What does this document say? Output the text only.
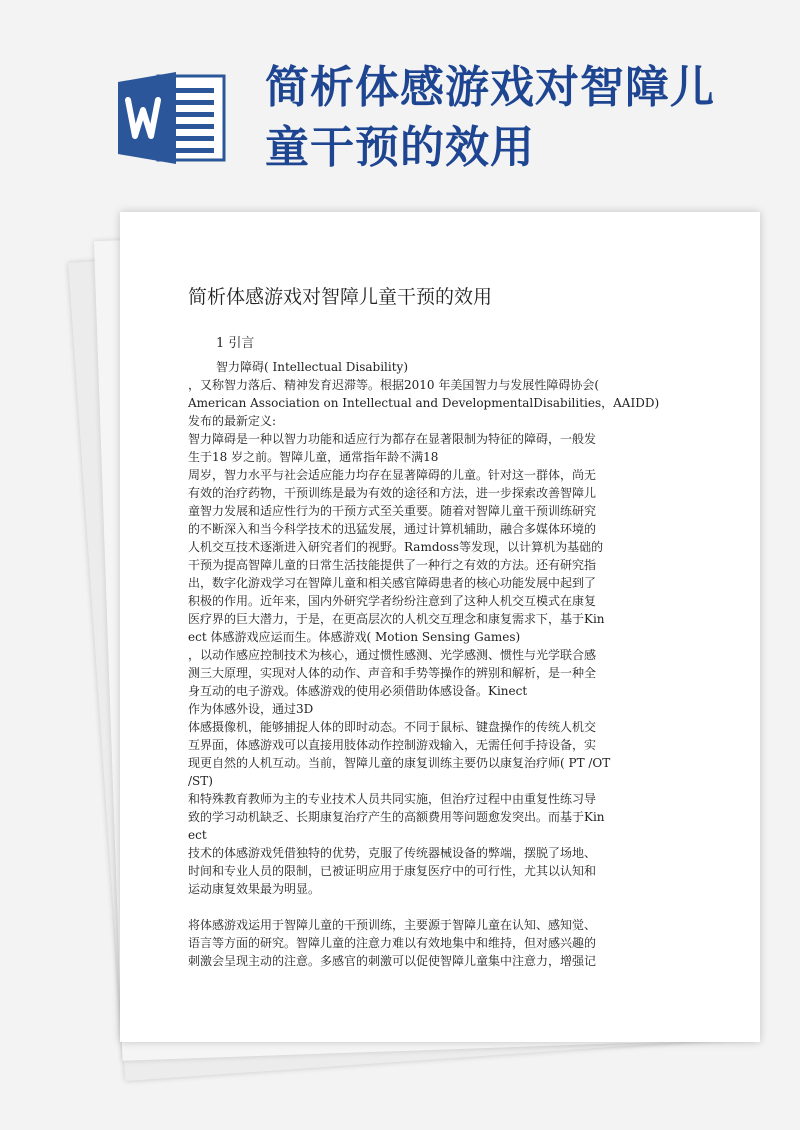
简析体感游戏对智障儿童干预的效用
简析体感游戏对智障儿童干预的效用
1 引言

智力障碍( Intellectual Disability)

，又称智力落后、精神发育迟滞等。根据2010 年美国智力与发展性障碍协会(

American Association on Intellectual and DevelopmentalDisabilities，AAIDD)

发布的最新定义:

智力障碍是一种以智力功能和适应行为都存在显著限制为特征的障碍，一般发

生于18 岁之前。智障儿童，通常指年龄不满18

周岁，智力水平与社会适应能力均存在显著障碍的儿童。针对这一群体，尚无

有效的治疗药物，干预训练是最为有效的途径和方法，进一步探索改善智障儿

童智力发展和适应性行为的干预方式至关重要。随着对智障儿童干预训练研究

的不断深入和当今科学技术的迅猛发展，通过计算机辅助，融合多媒体环境的

人机交互技术逐渐进入研究者们的视野。Ramdoss等发现，以计算机为基础的

干预为提高智障儿童的日常生活技能提供了一种行之有效的方法。还有研究指

出，数字化游戏学习在智障儿童和相关感官障碍患者的核心功能发展中起到了

积极的作用。近年来，国内外研究学者纷纷注意到了这种人机交互模式在康复

医疗界的巨大潜力，于是，在更高层次的人机交互理念和康复需求下，基于Kin

ect 体感游戏应运而生。体感游戏( Motion Sensing Games)

，以动作感应控制技术为核心，通过惯性感测、光学感测、惯性与光学联合感

测三大原理，实现对人体的动作、声音和手势等操作的辨别和解析，是一种全

身互动的电子游戏。体感游戏的使用必须借助体感设备。Kinect

作为体感外设，通过3D

体感摄像机，能够捕捉人体的即时动态。不同于鼠标、键盘操作的传统人机交

互界面，体感游戏可以直接用肢体动作控制游戏输入，无需任何手持设备，实

现更自然的人机互动。当前，智障儿童的康复训练主要仍以康复治疗师( PT /OT

/ST)

和特殊教育教师为主的专业技术人员共同实施，但治疗过程中由重复性练习导

致的学习动机缺乏、长期康复治疗产生的高额费用等问题愈发突出。而基于Kin

ect

技术的体感游戏凭借独特的优势，克服了传统器械设备的弊端，摆脱了场地、

时间和专业人员的限制，已被证明应用于康复医疗中的可行性，尤其以认知和

运动康复效果最为明显。

将体感游戏运用于智障儿童的干预训练，主要源于智障儿童在认知、感知觉、

语言等方面的研究。智障儿童的注意力难以有效地集中和维持，但对感兴趣的

刺激会呈现主动的注意。多感官的刺激可以促使智障儿童集中注意力，增强记
